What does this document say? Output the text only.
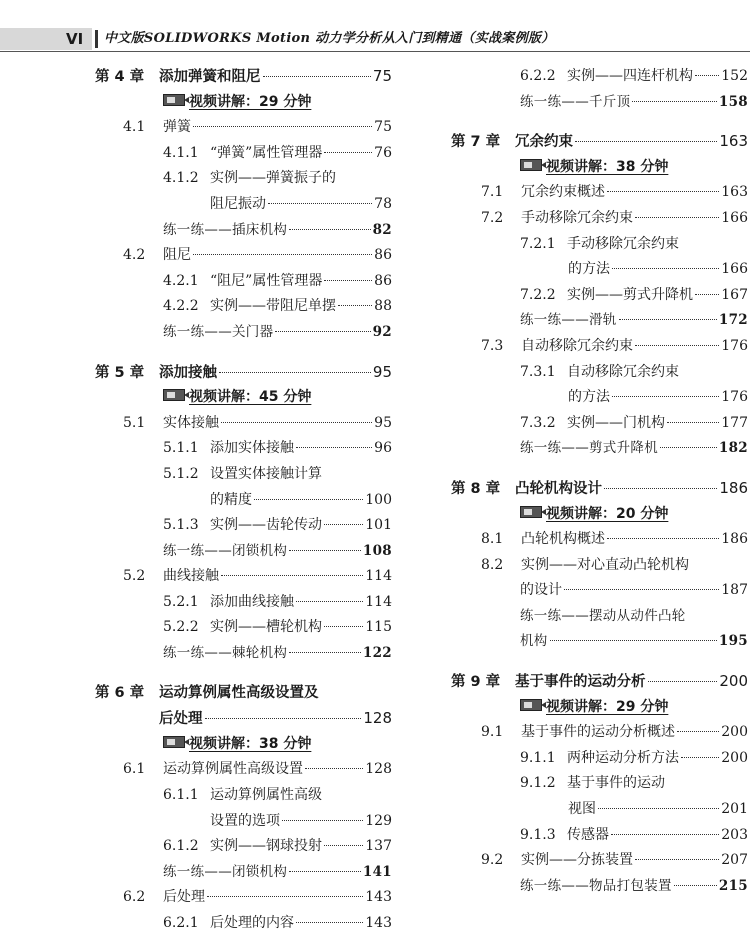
VI	中文版SOLIDWORKS Motion 动力学分析从入门到精通（实战案例版）
第 4 章	添加弹簧和阻尼	75
视频讲解：29 分钟
4.1	弹簧	75
4.1.1 “弹簧”属性管理器	76
4.1.2 实例——弹簧振子的
阻尼振动	78
练一练——插床机构	82
4.2	阻尼	86
4.2.1 “阻尼”属性管理器	86
4.2.2 实例——带阻尼单摆	88
练一练——关门器	92
第 5 章	添加接触	95
视频讲解：45 分钟
5.1	实体接触	95
5.1.1 添加实体接触	96
5.1.2 设置实体接触计算
的精度	100
5.1.3 实例——齿轮传动	101
练一练——闭锁机构	108
5.2	曲线接触	114
5.2.1 添加曲线接触	114
5.2.2 实例——槽轮机构	115
练一练——棘轮机构	122
第 6 章	运动算例属性高级设置及
后处理	128
视频讲解：38 分钟
6.1	运动算例属性高级设置	128
6.1.1 运动算例属性高级
设置的选项	129
6.1.2 实例——钢球投射	137
练一练——闭锁机构	141
6.2	后处理	143
6.2.1 后处理的内容	143
6.2.2 实例——四连杆机构 152
练一练——千斤顶	158
第 7 章	冗余约束	163
视频讲解：38 分钟
7.1	冗余约束概述	163
7.2	手动移除冗余约束	166
7.2.1 手动移除冗余约束
的方法	166
7.2.2 实例——剪式升降机 167
练一练——滑轨	172
7.3	自动移除冗余约束	176
7.3.1 自动移除冗余约束
的方法	176
7.3.2 实例——门机构	177
练一练——剪式升降机	182
第 8 章	凸轮机构设计	186
视频讲解：20 分钟
8.1	凸轮机构概述	186
8.2	实例——对心直动凸轮机构
的设计	187
练一练——摆动从动件凸轮
机构	195
第 9 章	基于事件的运动分析	200
视频讲解：29 分钟
9.1	基于事件的运动分析概述	200
9.1.1 两种运动分析方法	200
9.1.2 基于事件的运动
视图	201
9.1.3 传感器	203
9.2	实例——分拣装置	207
练一练——物品打包装置	215
